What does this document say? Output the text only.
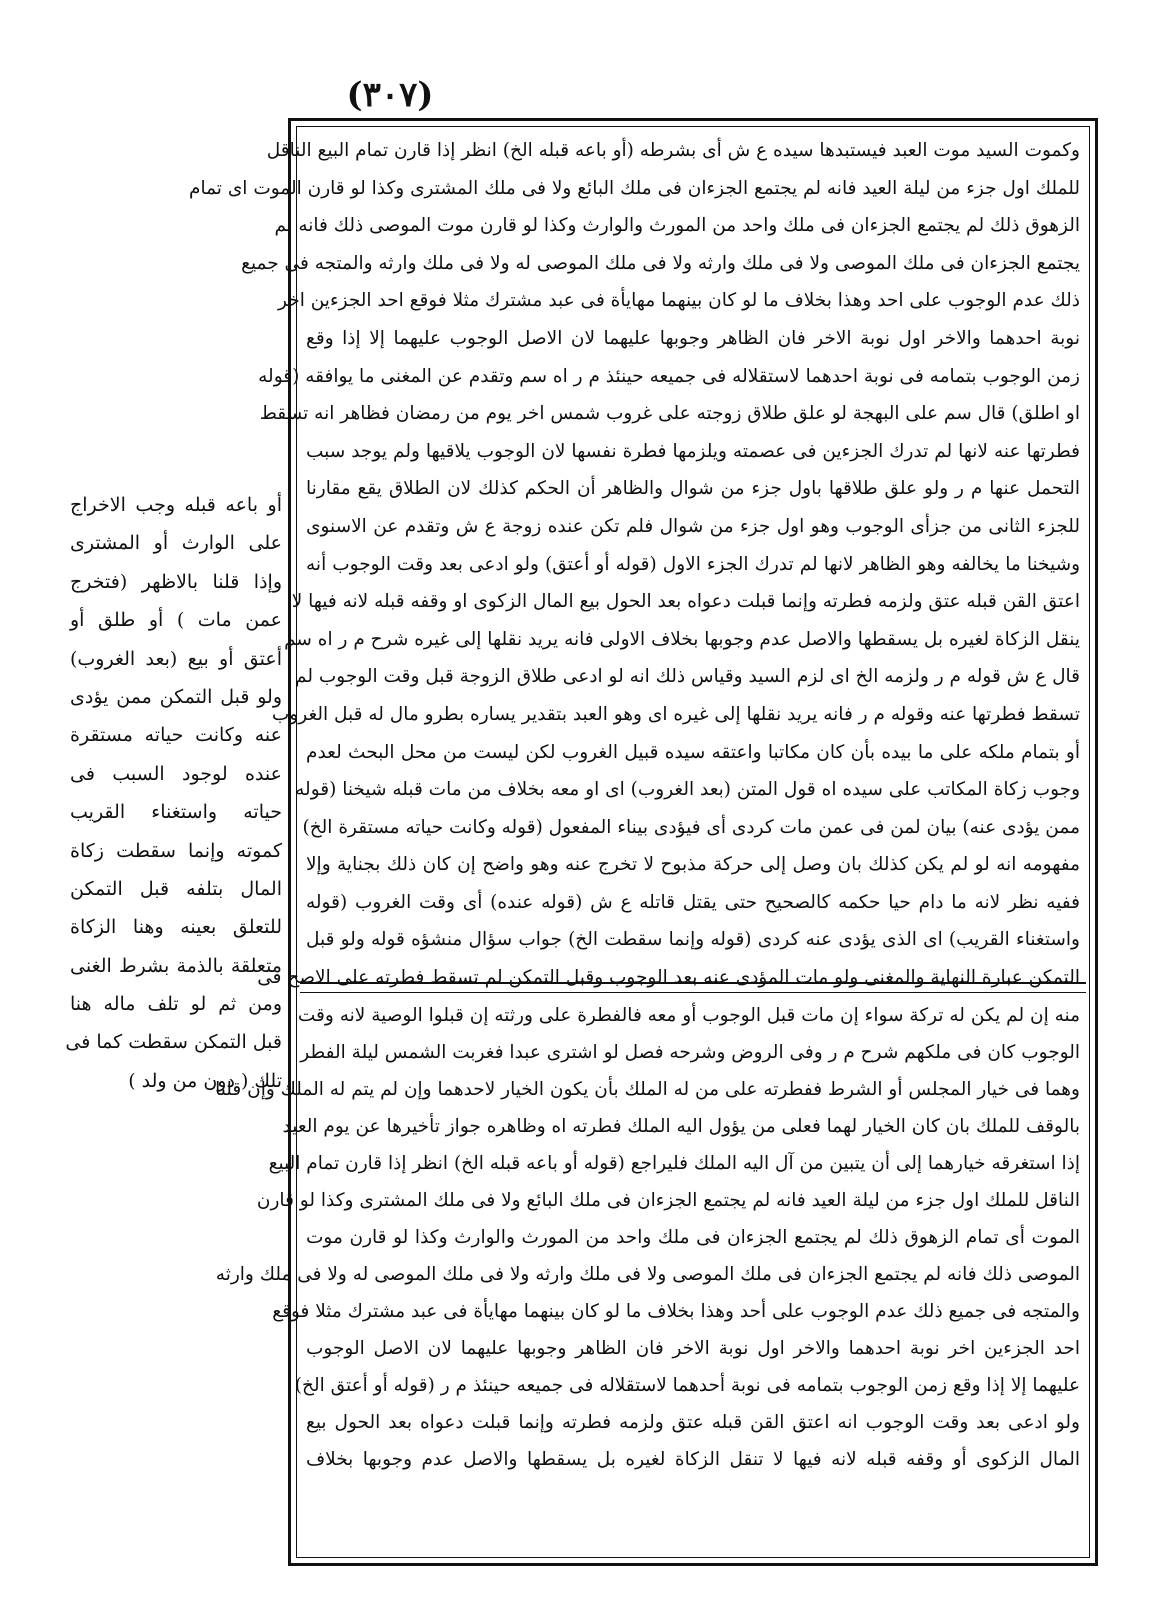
(٣٠٧)
وكموت السيد موت العبد فيستبدها سيده ع ش أى بشرطه (أو باعه قبله الخ) انظر إذا قارن تمام البيع الناقل
للملك اول جزء من ليلة العيد فانه لم يجتمع الجزءان فى ملك البائع ولا فى ملك المشترى وكذا لو قارن الموت اى تمام
الزهوق ذلك لم يجتمع الجزءان فى ملك واحد من المورث والوارث وكذا لو قارن موت الموصى ذلك فانه لم
يجتمع الجزءان فى ملك الموصى ولا فى ملك وارثه ولا فى ملك الموصى له ولا فى ملك وارثه والمتجه فى جميع
ذلك عدم الوجوب على احد وهذا بخلاف ما لو كان بينهما مهايأة فى عبد مشترك مثلا فوقع احد الجزءين اخر
نوبة احدهما والاخر اول نوبة الاخر فان الظاهر وجوبها عليهما لان الاصل الوجوب عليهما إلا إذا وقع
زمن الوجوب بتمامه فى نوبة احدهما لاستقلاله فى جميعه حينئذ م ر اه سم وتقدم عن المغنى ما يوافقه (قوله
او اطلق) قال سم على البهجة لو علق طلاق زوجته على غروب شمس اخر يوم من رمضان فظاهر انه تسقط
فطرتها عنه لانها لم تدرك الجزءين فى عصمته ويلزمها فطرة نفسها لان الوجوب يلاقيها ولم يوجد سبب
التحمل عنها م ر ولو علق طلاقها باول جزء من شوال والظاهر أن الحكم كذلك لان الطلاق يقع مقارنا
للجزء الثانى من جزأى الوجوب وهو اول جزء من شوال فلم تكن عنده زوجة ع ش وتقدم عن الاسنوى
وشيخنا ما يخالفه وهو الظاهر لانها لم تدرك الجزء الاول (قوله أو أعتق) ولو ادعى بعد وقت الوجوب أنه
اعتق القن قبله عتق ولزمه فطرته وإنما قبلت دعواه بعد الحول بيع المال الزكوى او وقفه قبله لانه فيها لا
ينقل الزكاة لغيره بل يسقطها والاصل عدم وجوبها بخلاف الاولى فانه يريد نقلها إلى غيره شرح م ر اه سم
قال ع ش قوله م ر ولزمه الخ اى لزم السيد وقياس ذلك انه لو ادعى طلاق الزوجة قبل وقت الوجوب لم
تسقط فطرتها عنه وقوله م ر فانه يريد نقلها إلى غيره اى وهو العبد بتقدير يساره بطرو مال له قبل الغروب
أو بتمام ملكه على ما بيده بأن كان مكاتبا واعتقه سيده قبيل الغروب لكن ليست من محل البحث لعدم
وجوب زكاة المكاتب على سيده اه قول المتن (بعد الغروب) اى او معه بخلاف من مات قبله شيخنا (قوله
ممن يؤدى عنه) بيان لمن فى عمن مات كردى أى فيؤدى بيناء المفعول (قوله وكانت حياته مستقرة الخ)
مفهومه انه لو لم يكن كذلك بان وصل إلى حركة مذبوح لا تخرج عنه وهو واضح إن كان ذلك بجناية وإلا
ففيه نظر لانه ما دام حيا حكمه كالصحيح حتى يقتل قاتله ع ش (قوله عنده) أى وقت الغروب (قوله
واستغناء القريب) اى الذى يؤدى عنه كردى (قوله وإنما سقطت الخ) جواب سؤال منشؤه قوله ولو قبل
التمكن عبارة النهاية والمغنى ولو مات المؤدى عنه بعد الوجوب وقبل التمكن لم تسقط فطرته على الاصح فى
منه إن لم يكن له تركة سواء إن مات قبل الوجوب أو معه فالفطرة على ورثته إن قبلوا الوصية لانه وقت
الوجوب كان فى ملكهم شرح م ر وفى الروض وشرحه فصل لو اشترى عبدا فغربت الشمس ليلة الفطر
وهما فى خيار المجلس أو الشرط ففطرته على من له الملك بأن يكون الخيار لاحدهما وإن لم يتم له الملك وإن قلنا
بالوقف للملك بان كان الخيار لهما فعلى من يؤول اليه الملك فطرته اه وظاهره جواز تأخيرها عن يوم العيد
إذا استغرقه خيارهما إلى أن يتبين من آل اليه الملك فليراجع (قوله أو باعه قبله الخ) انظر إذا قارن تمام البيع
الناقل للملك اول جزء من ليلة العيد فانه لم يجتمع الجزءان فى ملك البائع ولا فى ملك المشترى وكذا لو قارن
الموت أى تمام الزهوق ذلك لم يجتمع الجزءان فى ملك واحد من المورث والوارث وكذا لو قارن موت
الموصى ذلك فانه لم يجتمع الجزءان فى ملك الموصى ولا فى ملك وارثه ولا فى ملك الموصى له ولا فى ملك وارثه
والمتجه فى جميع ذلك عدم الوجوب على أحد وهذا بخلاف ما لو كان بينهما مهايأة فى عبد مشترك مثلا فوقع
احد الجزءين اخر نوبة احدهما والاخر اول نوبة الاخر فان الظاهر وجوبها عليهما لان الاصل الوجوب
عليهما إلا إذا وقع زمن الوجوب بتمامه فى نوبة أحدهما لاستقلاله فى جميعه حينئذ م ر (قوله أو أعتق الخ)
ولو ادعى بعد وقت الوجوب انه اعتق القن قبله عتق ولزمه فطرته وإنما قبلت دعواه بعد الحول بيع
المال الزكوى أو وقفه قبله لانه فيها لا تنقل الزكاة لغيره بل يسقطها والاصل عدم وجوبها بخلاف
أو باعه قبله وجب الاخراج
على الوارث أو المشترى
وإذا قلنا بالاظهر (فتخرج
عمن مات ) أو طلق أو
أعتق أو بيع (بعد الغروب)
ولو قبل التمكن ممن يؤدى
عنه وكانت حياته مستقرة
عنده لوجود السبب فى
حياته واستغناء القريب
كموته وإنما سقطت زكاة
المال بتلفه قبل التمكن
للتعلق بعينه وهنا الزكاة
متعلقة بالذمة بشرط الغنى
ومن ثم لو تلف ماله هنا
قبل التمكن سقطت كما فى
تلك ( دون من ولد )
